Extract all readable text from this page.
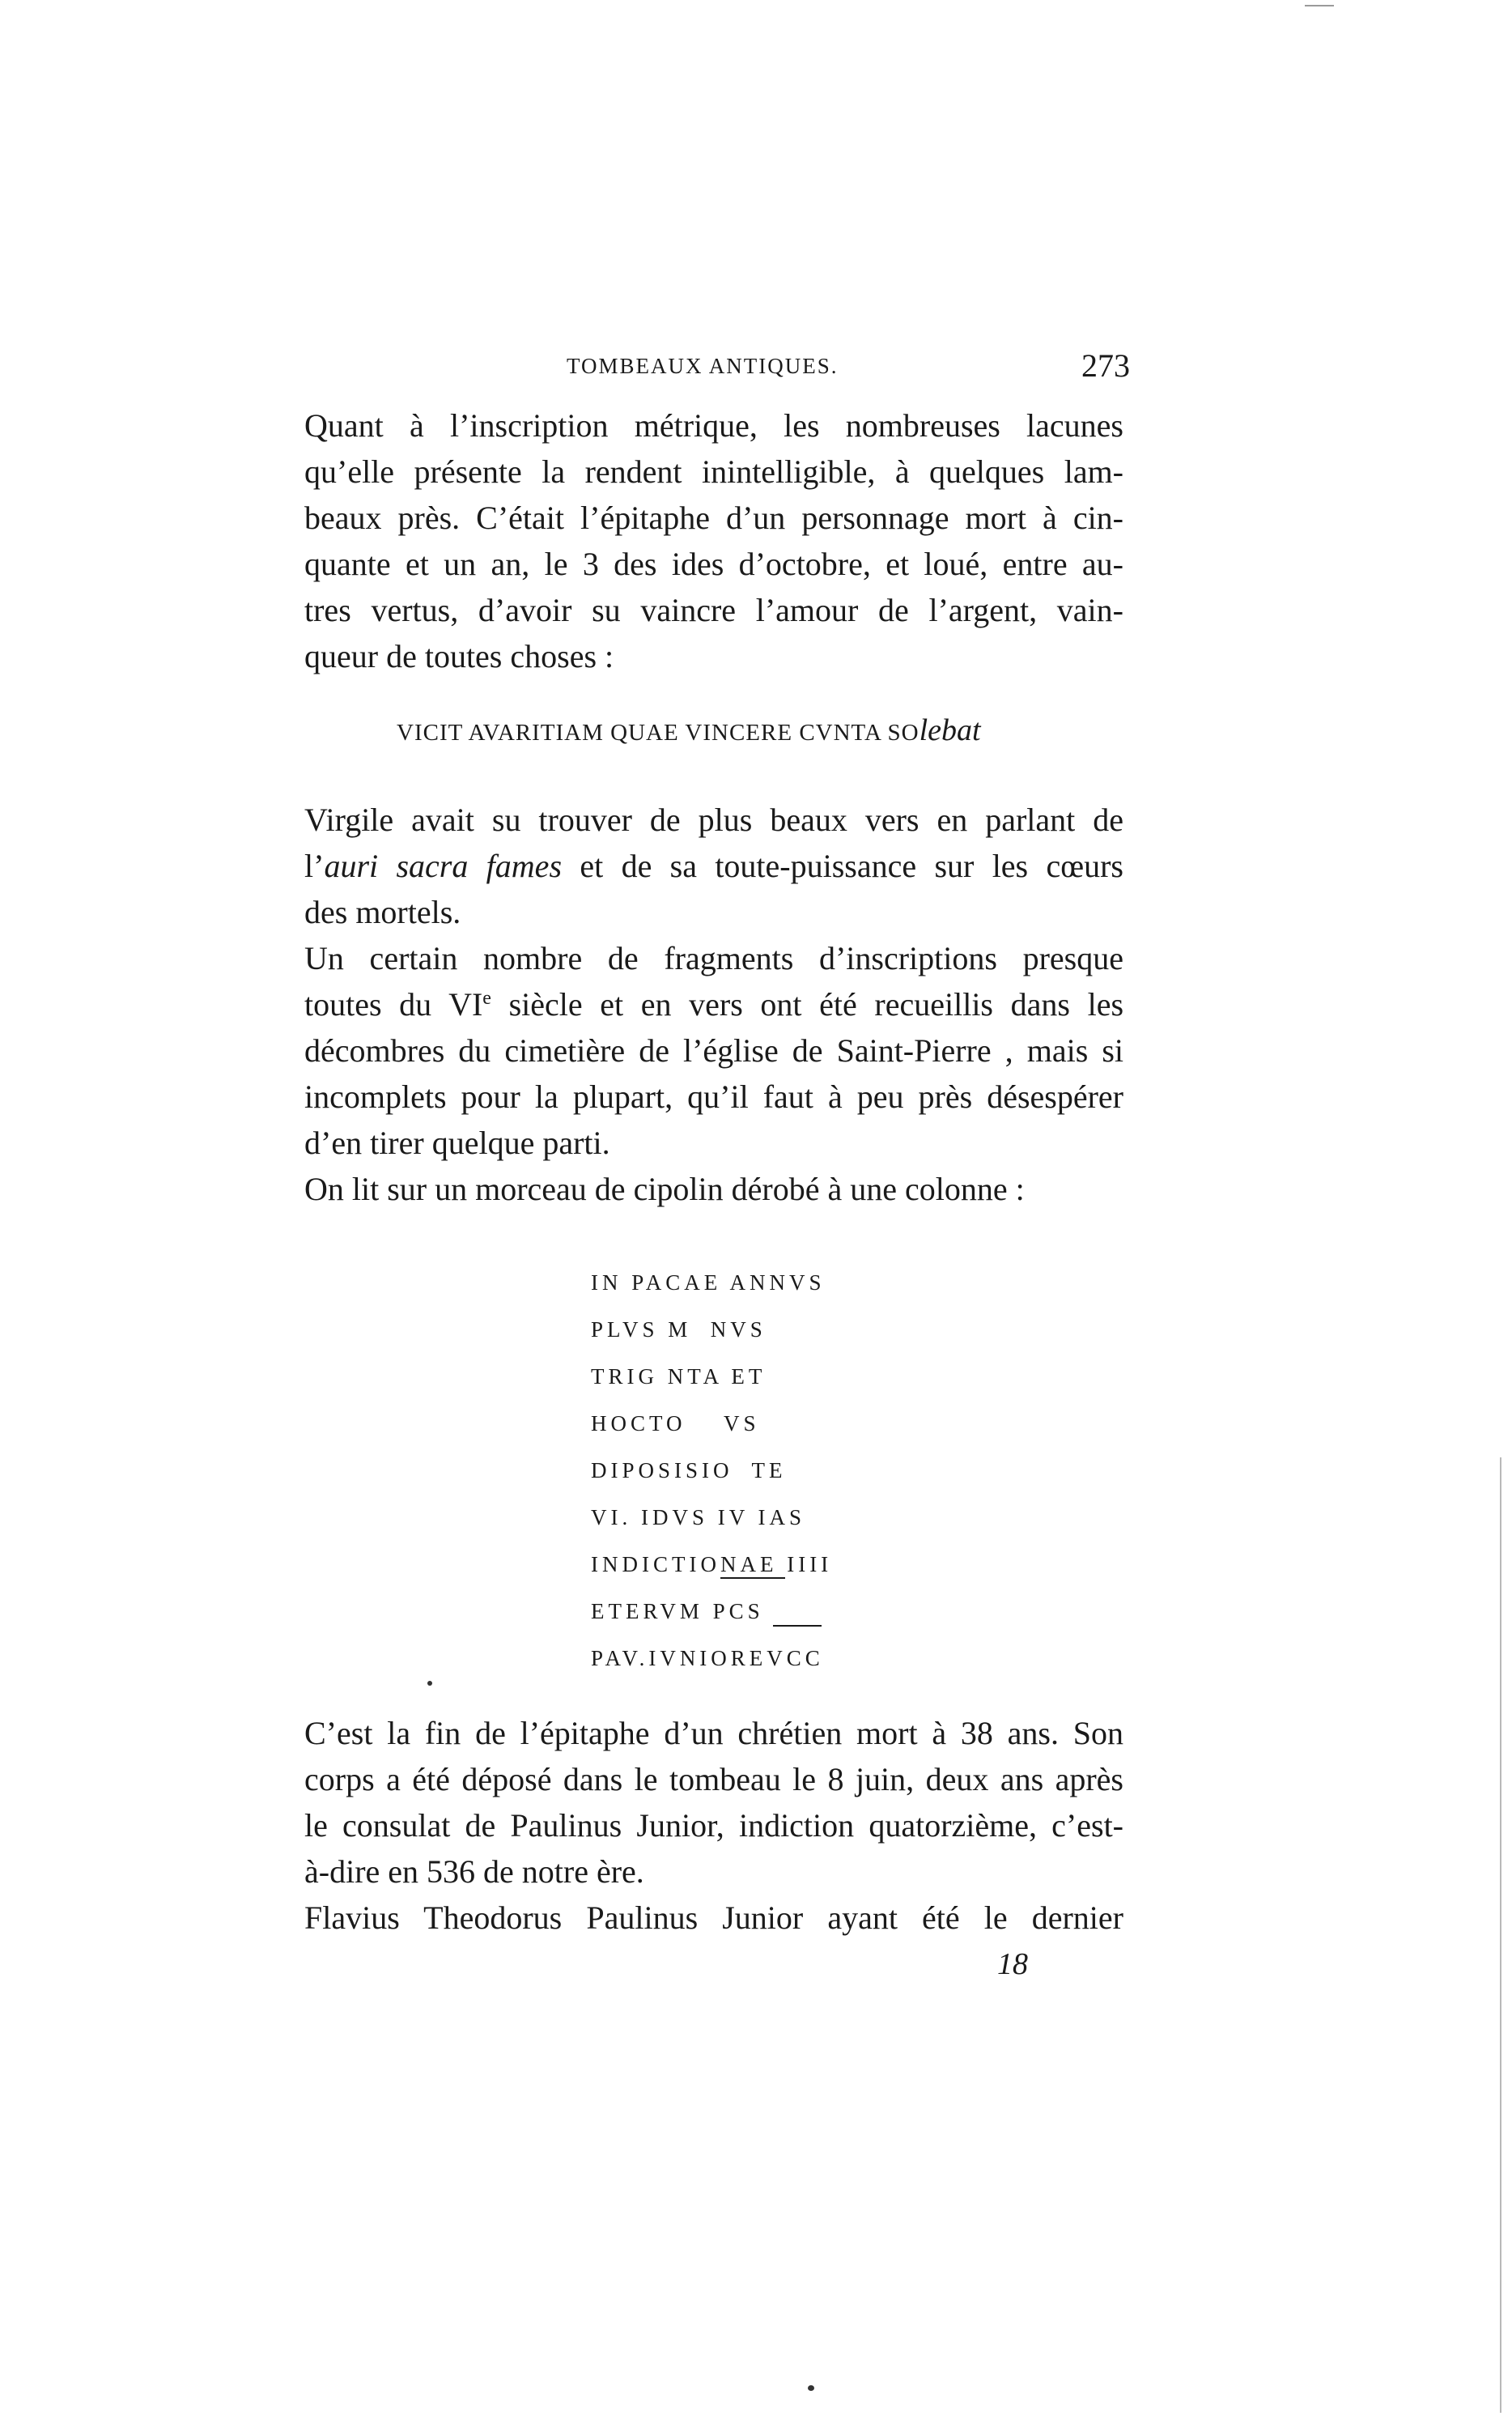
TOMBEAUX ANTIQUES.	273
Quant à l’inscription métrique, les nombreuses lacunes
qu’elle présente la rendent inintelligible, à quelques lam-
beaux près. C’était l’épitaphe d’un personnage mort à cin-
quante et un an, le 3 des ides d’octobre, et loué, entre au-
tres vertus, d’avoir su vaincre l’amour de l’argent, vain-
queur de toutes choses :
VICIT AVARITIAM QUAE VINCERE CVNTA SOlebat
Virgile avait su trouver de plus beaux vers en parlant de
l’auri sacra fames et de sa toute-puissance sur les cœurs
des mortels.
Un certain nombre de fragments d’inscriptions presque
toutes du VIe siècle et en vers ont été recueillis dans les
décombres du cimetière de l’église de Saint-Pierre , mais si
incomplets pour la plupart, qu’il faut à peu près désespérer
d’en tirer quelque parti.
On lit sur un morceau de cipolin dérobé à une colonne :
IN PACAE ANNVS
PLVS M  NVS
TRIG NTA ET
HOCTO    VS
DIPOSISIO  TE
VI. IDVS IV IAS
INDICTIONAE IIII
ETERVM PCS
PAV.IVNIOREVCC
C’est la fin de l’épitaphe d’un chrétien mort à 38 ans. Son
corps a été déposé dans le tombeau le 8 juin, deux ans après
le consulat de Paulinus Junior, indiction quatorzième, c’est-
à-dire en 536 de notre ère.
Flavius Theodorus Paulinus Junior ayant été le dernier
18
